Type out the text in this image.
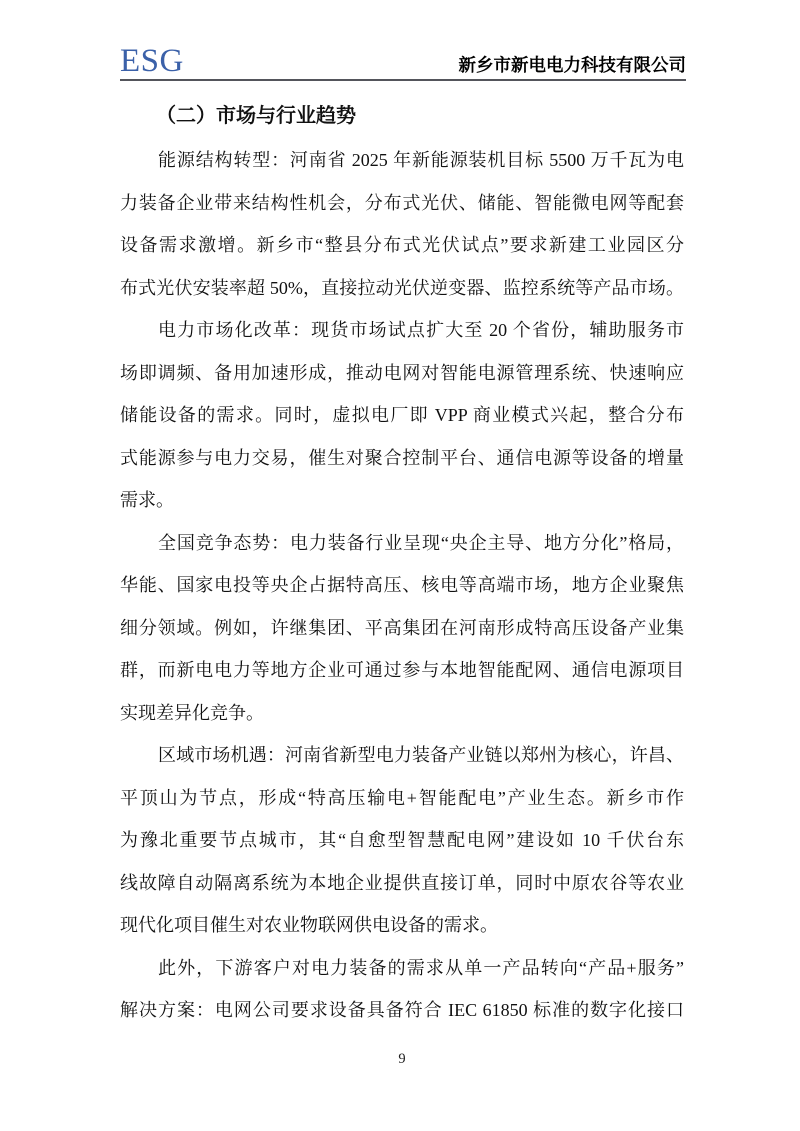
ESG	新乡市新电电力科技有限公司
（二）市场与行业趋势
能源结构转型：河南省 2025 年新能源装机目标 5500 万千瓦为电
力装备企业带来结构性机会，分布式光伏、储能、智能微电网等配套
设备需求激增。新乡市“整县分布式光伏试点”要求新建工业园区分
布式光伏安装率超 50%，直接拉动光伏逆变器、监控系统等产品市场。
电力市场化改革：现货市场试点扩大至 20 个省份，辅助服务市
场即调频、备用加速形成，推动电网对智能电源管理系统、快速响应
储能设备的需求。同时，虚拟电厂即 VPP 商业模式兴起，整合分布
式能源参与电力交易，催生对聚合控制平台、通信电源等设备的增量
需求。
全国竞争态势：电力装备行业呈现“央企主导、地方分化”格局，
华能、国家电投等央企占据特高压、核电等高端市场，地方企业聚焦
细分领域。例如，许继集团、平高集团在河南形成特高压设备产业集
群，而新电电力等地方企业可通过参与本地智能配网、通信电源项目
实现差异化竞争。
区域市场机遇：河南省新型电力装备产业链以郑州为核心，许昌、
平顶山为节点，形成“特高压输电+智能配电”产业生态。新乡市作
为豫北重要节点城市，其“自愈型智慧配电网”建设如 10 千伏台东
线故障自动隔离系统为本地企业提供直接订单，同时中原农谷等农业
现代化项目催生对农业物联网供电设备的需求。
此外，下游客户对电力装备的需求从单一产品转向“产品+服务”
解决方案：电网公司要求设备具备符合 IEC 61850 标准的数字化接口
9
